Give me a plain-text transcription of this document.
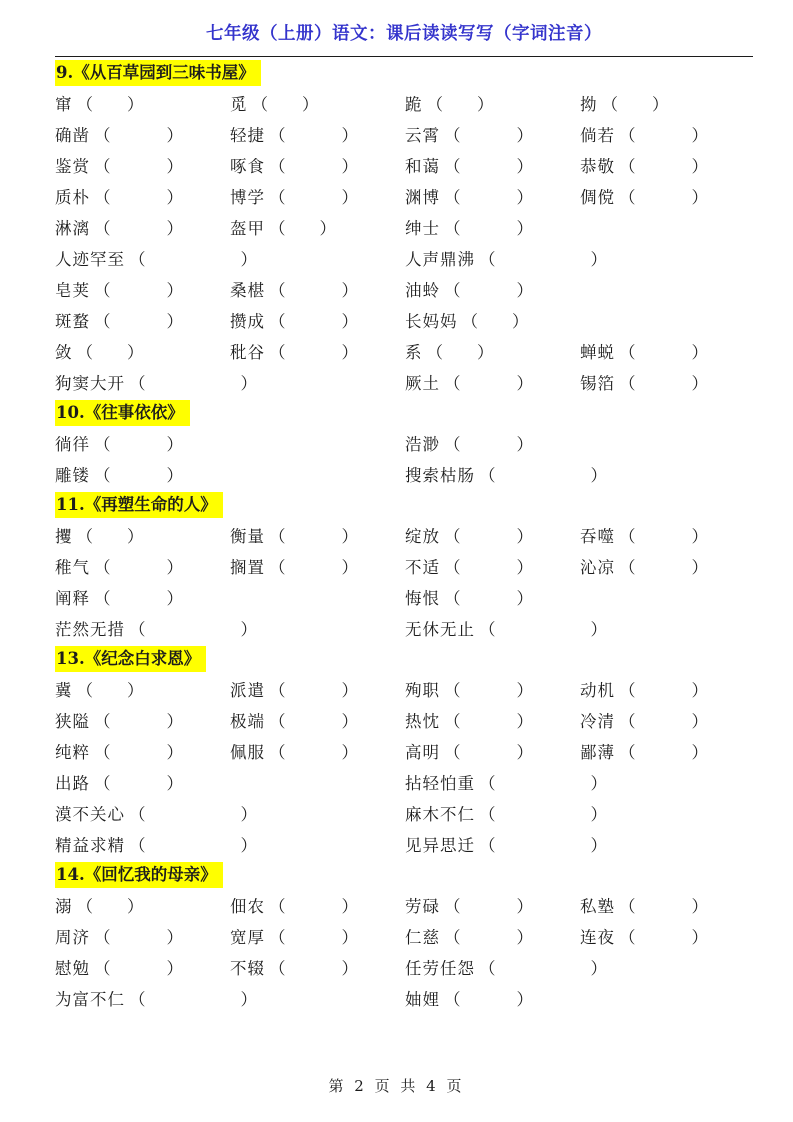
七年级（上册）语文：课后读读写写（字词注音）
9.《从百草园到三味书屋》
窜 （ ）	觅 （ ）	跪 （ ）	拗 （ ）
确凿 （	）	轻捷 （	）	云霄 （	）	倘若 （	）
鉴赏 （	）	啄食 （	）	和蔼 （	）	恭敬 （	）
质朴 （	）	博学 （	）	渊博 （	）	倜傥 （	）
淋漓 （	）	盔甲 （ ）	绅士 （	）
人迹罕至 （	）	人声鼎沸 （	）
皂荚 （	）	桑椹 （	）	油蛉 （	）
斑蝥 （	）	攒成 （	）	长妈妈 （ ）
敛 （ ）	秕谷 （	）	系 （ ）	蝉蜕 （	）
狗窦大开 （	）	厥土 （	）	锡箔 （	）
10.《往事依依》
徜徉 （	）	浩渺 （	）
雕镂 （	）	搜索枯肠 （	）
11.《再塑生命的人》
攫 （ ）	衡量 （	）	绽放 （	）	吞噬 （	）
稚气 （	）	搁置 （	）	不适 （	）	沁凉 （	）
阐释 （	）	悔恨 （	）
茫然无措 （	）	无休无止 （	）
13.《纪念白求恩》
冀 （ ）	派遣 （	）	殉职 （	）	动机 （	）
狭隘 （	）	极端 （	）	热忱 （	）	冷清 （	）
纯粹 （	）	佩服 （	）	高明 （	）	鄙薄 （	）
出路 （	）	拈轻怕重 （	）
漠不关心 （	）	麻木不仁 （	）
精益求精 （	）	见异思迁 （	）
14.《回忆我的母亲》
溺 （ ）	佃农 （	）	劳碌 （	）	私塾 （	）
周济 （	）	宽厚 （	）	仁慈 （	）	连夜 （	）
慰勉 （	）	不辍 （	）	任劳任怨 （	）
为富不仁 （	）	妯娌 （	）
第 2 页 共 4 页
